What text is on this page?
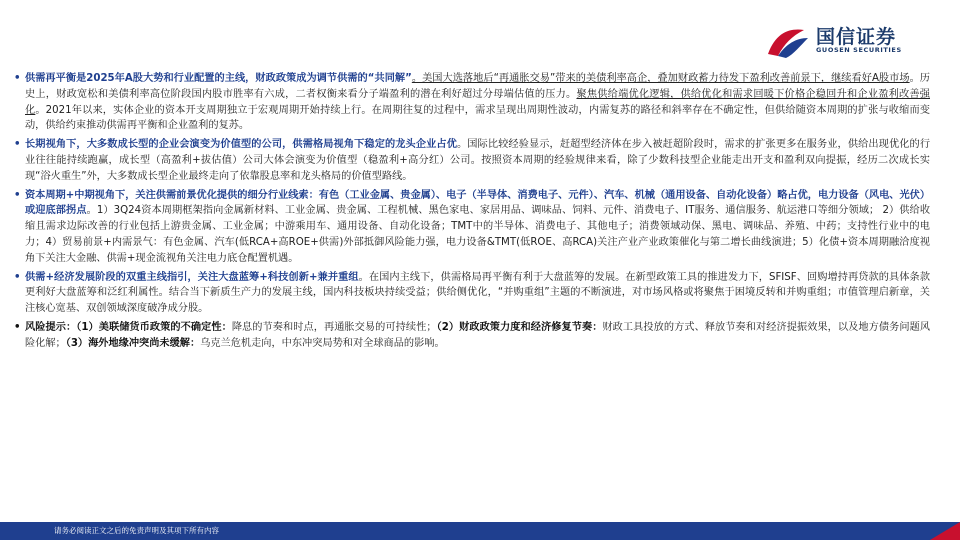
国信证券
GUOSEN SECURITIES
• 供需再平衡是2025年A股大势和行业配置的主线，财政政策成为调节供需的“共同解”。美国大选落地后“再通胀交易”带来的美债利率高企，叠加财政蓄力待发下盈利改善前景下，继续看好A股市场。历史上，财政宽松和美债利率高位阶段国内股市胜率有六成，二者权衡来看分子端盈利的潜在利好超过分母端估值的压力。聚焦供给端优化逻辑，供给优化和需求回暖下价格企稳回升和企业盈利改善强化。2021年以来，实体企业的资本开支周期独立于宏观周期开始持续上行。在周期往复的过程中，需求呈现出周期性波动，内需复苏的路径和斜率存在不确定性，但供给随资本周期的扩张与收缩而变动，供给约束推动供需再平衡和企业盈利的复苏。
• 长期视角下，大多数成长型的企业会演变为价值型的公司，供需格局视角下稳定的龙头企业占优。国际比较经验显示，赶超型经济体在步入被赶超阶段时，需求的扩张更多在服务业，供给出现优化的行业往往能持续跑赢，成长型（高盈利+拔估值）公司大体会演变为价值型（稳盈利+高分红）公司。按照资本周期的经验规律来看，除了少数科技型企业能走出开支和盈利双向提振，经历二次成长实现“浴火重生”外，大多数成长型企业最终走向了依靠股息率和龙头格局的价值型路线。
• 资本周期+中期视角下，关注供需前景优化提供的细分行业线索：有色（工业金属、贵金属）、电子（半导体、消费电子、元件）、汽车、机械（通用设备、自动化设备）略占优，电力设备（风电、光伏）或迎底部拐点。1）3Q24资本周期框架指向金属新材料、工业金属、贵金属、工程机械、黑色家电、家居用品、调味品、饲料、元件、消费电子、IT服务、通信服务、航运港口等细分领域； 2）供给收缩且需求边际改善的行业包括上游贵金属、工业金属；中游乘用车、通用设备、自动化设备；TMT中的半导体、消费电子、其他电子；消费领域动保、黑电、调味品、养殖、中药；支持性行业中的电力；4）贸易前景+内需景气：有色金属、汽车(低RCA+高ROE+供需)外部抵御风险能力强，电力设备&TMT(低ROE、高RCA)关注产业产业政策催化与第二增长曲线演进；5）化债+资本周期融洽度视角下关注大金融、供需+现金流视角关注电力底仓配置机遇。
• 供需+经济发展阶段的双重主线指引，关注大盘蓝筹+科技创新+兼并重组。在国内主线下，供需格局再平衡有利于大盘蓝筹的发展。在新型政策工具的推进发力下，SFISF、回购增持再贷款的具体条款更利好大盘蓝筹和泛红利属性。结合当下新质生产力的发展主线，国内科技板块持续受益；供给侧优化，“并购重组”主题的不断演进，对市场风格或将聚焦于困境反转和并购重组；市值管理启新章，关注核心宽基、双创领域深度破净成分股。
• 风险提示：（1）美联储货币政策的不确定性：降息的节奏和时点，再通胀交易的可持续性；（2）财政政策力度和经济修复节奏：财政工具投放的方式、释放节奏和对经济提振效果，以及地方债务问题风险化解；（3）海外地缘冲突尚未缓解：乌克兰危机走向，中东冲突局势和对全球商品的影响。
请务必阅读正文之后的免责声明及其项下所有内容
